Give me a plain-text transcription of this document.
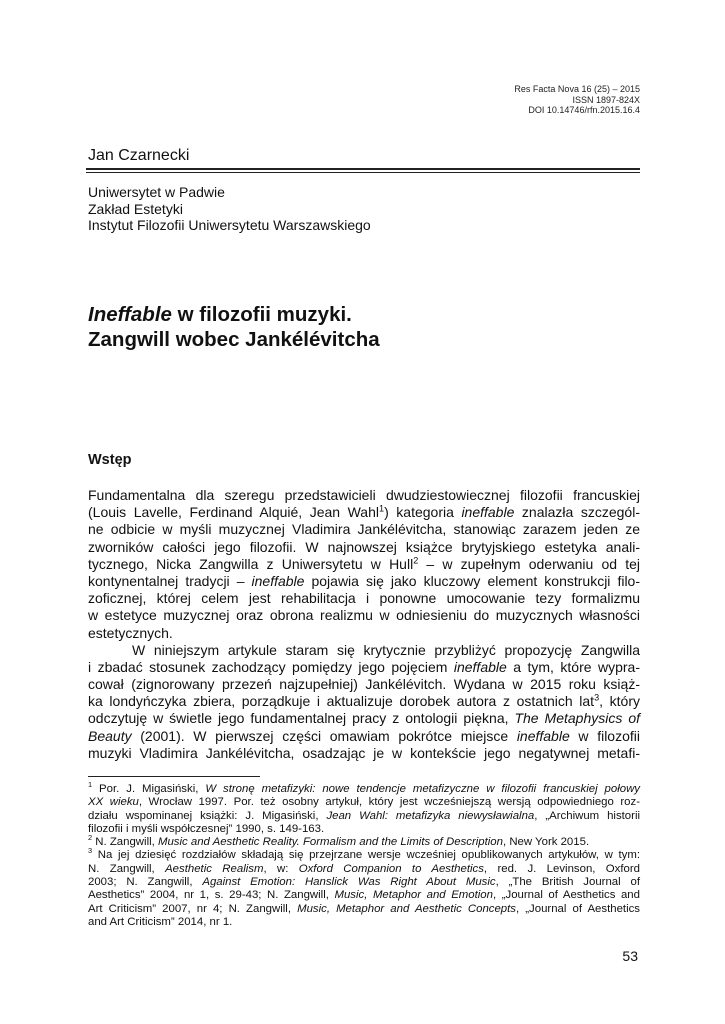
Res Facta Nova 16 (25) – 2015
ISSN 1897-824X
DOI 10.14746/rfn.2015.16.4
Jan Czarnecki
Uniwersytet w Padwie
Zakład Estetyki
Instytut Filozofii Uniwersytetu Warszawskiego
Ineffable w filozofii muzyki.
Zangwill wobec Jankélévitcha
Wstęp
Fundamentalna dla szeregu przedstawicieli dwudziestowiecznej filozofii francuskiej
(Louis Lavelle, Ferdinand Alquié, Jean Wahl$^1$) kategoria ineffable znalazła szczegól-
ne odbicie w myśli muzycznej Vladimira Jankélévitcha, stanowiąc zarazem jeden ze
zworników całości jego filozofii. W najnowszej książce brytyjskiego estetyka anali-
tycznego, Nicka Zangwilla z Uniwersytetu w Hull$^2$ – w zupełnym oderwaniu od tej
kontynentalnej tradycji – ineffable pojawia się jako kluczowy element konstrukcji filo-
zoficznej, której celem jest rehabilitacja i ponowne umocowanie tezy formalizmu
w estetyce muzycznej oraz obrona realizmu w odniesieniu do muzycznych własności
estetycznych.
W niniejszym artykule staram się krytycznie przybliżyć propozycję Zangwilla
i zbadać stosunek zachodzący pomiędzy jego pojęciem ineffable a tym, które wypra-
cował (zignorowany przezeń najzupełniej) Jankélévitch. Wydana w 2015 roku książ-
ka londyńczyka zbiera, porządkuje i aktualizuje dorobek autora z ostatnich lat$^3$, który
odczytuję w świetle jego fundamentalnej pracy z ontologii piękna, The Metaphysics of
Beauty (2001). W pierwszej części omawiam pokrótce miejsce ineffable w filozofii
muzyki Vladimira Jankélévitcha, osadzając je w kontekście jego negatywnej metafi-
$^1$ Por. J. Migasiński, W stronę metafizyki: nowe tendencje metafizyczne w filozofii francuskiej połowy
XX wieku, Wrocław 1997. Por. też osobny artykuł, który jest wcześniejszą wersją odpowiedniego roz-
działu wspominanej książki: J. Migasiński, Jean Wahl: metafizyka niewysławialna, „Archiwum historii
filozofii i myśli współczesnej” 1990, s. 149-163.
$^2$ N. Zangwill, Music and Aesthetic Reality. Formalism and the Limits of Description, New York 2015.
$^3$ Na jej dziesięć rozdziałów składają się przejrzane wersje wcześniej opublikowanych artykułów, w tym:
N. Zangwill, Aesthetic Realism, w: Oxford Companion to Aesthetics, red. J. Levinson, Oxford
2003; N. Zangwill, Against Emotion: Hanslick Was Right About Music, „The British Journal of
Aesthetics” 2004, nr 1, s. 29-43; N. Zangwill, Music, Metaphor and Emotion, „Journal of Aesthetics and
Art Criticism” 2007, nr 4; N. Zangwill, Music, Metaphor and Aesthetic Concepts, „Journal of Aesthetics
and Art Criticism” 2014, nr 1.
53
